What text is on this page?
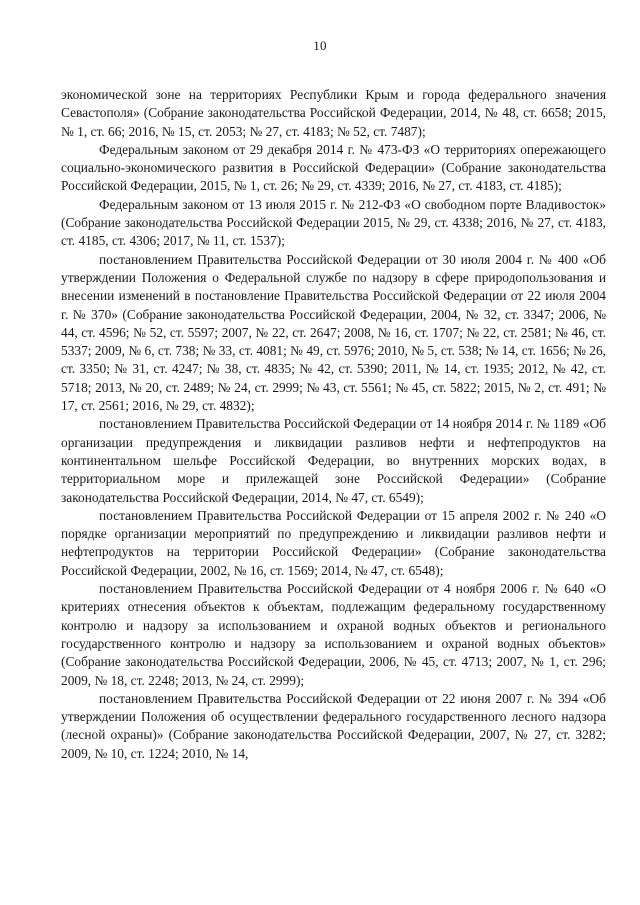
10

экономической зоне на территориях Республики Крым и города федерального значения Севастополя» (Собрание законодательства Российской Федерации, 2014, № 48, ст. 6658; 2015, № 1, ст. 66; 2016, № 15, ст. 2053; № 27, ст. 4183; № 52, ст. 7487);

Федеральным законом от 29 декабря 2014 г. № 473-ФЗ «О территориях опережающего социально-экономического развития в Российской Федерации» (Собрание законодательства Российской Федерации, 2015, № 1, ст. 26; № 29, ст. 4339; 2016, № 27, ст. 4183, ст. 4185);

Федеральным законом от 13 июля 2015 г. № 212-ФЗ «О свободном порте Владивосток» (Собрание законодательства Российской Федерации 2015, № 29, ст. 4338; 2016, № 27, ст. 4183, ст. 4185, ст. 4306; 2017, № 11, ст. 1537);

постановлением Правительства Российской Федерации от 30 июля 2004 г. № 400 «Об утверждении Положения о Федеральной службе по надзору в сфере природопользования и внесении изменений в постановление Правительства Российской Федерации от 22 июля 2004 г. № 370» (Собрание законодательства Российской Федерации, 2004, № 32, ст. 3347; 2006, № 44, ст. 4596; № 52, ст. 5597; 2007, № 22, ст. 2647; 2008, № 16, ст. 1707; № 22, ст. 2581; № 46, ст. 5337; 2009, № 6, ст. 738; № 33, ст. 4081; № 49, ст. 5976; 2010, № 5, ст. 538; № 14, ст. 1656; № 26, ст. 3350; № 31, ст. 4247; № 38, ст. 4835; № 42, ст. 5390; 2011, № 14, ст. 1935; 2012, № 42, ст. 5718; 2013, № 20, ст. 2489; № 24, ст. 2999; № 43, ст. 5561; № 45, ст. 5822; 2015, № 2, ст. 491; № 17, ст. 2561; 2016, № 29, ст. 4832);

постановлением Правительства Российской Федерации от 14 ноября 2014 г. № 1189 «Об организации предупреждения и ликвидации разливов нефти и нефтепродуктов на континентальном шельфе Российской Федерации, во внутренних морских водах, в территориальном море и прилежащей зоне Российской Федерации» (Собрание законодательства Российской Федерации, 2014, № 47, ст. 6549);

постановлением Правительства Российской Федерации от 15 апреля 2002 г. № 240 «О порядке организации мероприятий по предупреждению и ликвидации разливов нефти и нефтепродуктов на территории Российской Федерации» (Собрание законодательства Российской Федерации, 2002, № 16, ст. 1569; 2014, № 47, ст. 6548);

постановлением Правительства Российской Федерации от 4 ноября 2006 г. № 640 «О критериях отнесения объектов к объектам, подлежащим федеральному государственному контролю и надзору за использованием и охраной водных объектов и регионального государственного контролю и надзору за использованием и охраной водных объектов» (Собрание законодательства Российской Федерации, 2006, № 45, ст. 4713; 2007, № 1, ст. 296; 2009, № 18, ст. 2248; 2013, № 24, ст. 2999);

постановлением Правительства Российской Федерации от 22 июня 2007 г. № 394 «Об утверждении Положения об осуществлении федерального государственного лесного надзора (лесной охраны)» (Собрание законодательства Российской Федерации, 2007, № 27, ст. 3282; 2009, № 10, ст. 1224; 2010, № 14,
